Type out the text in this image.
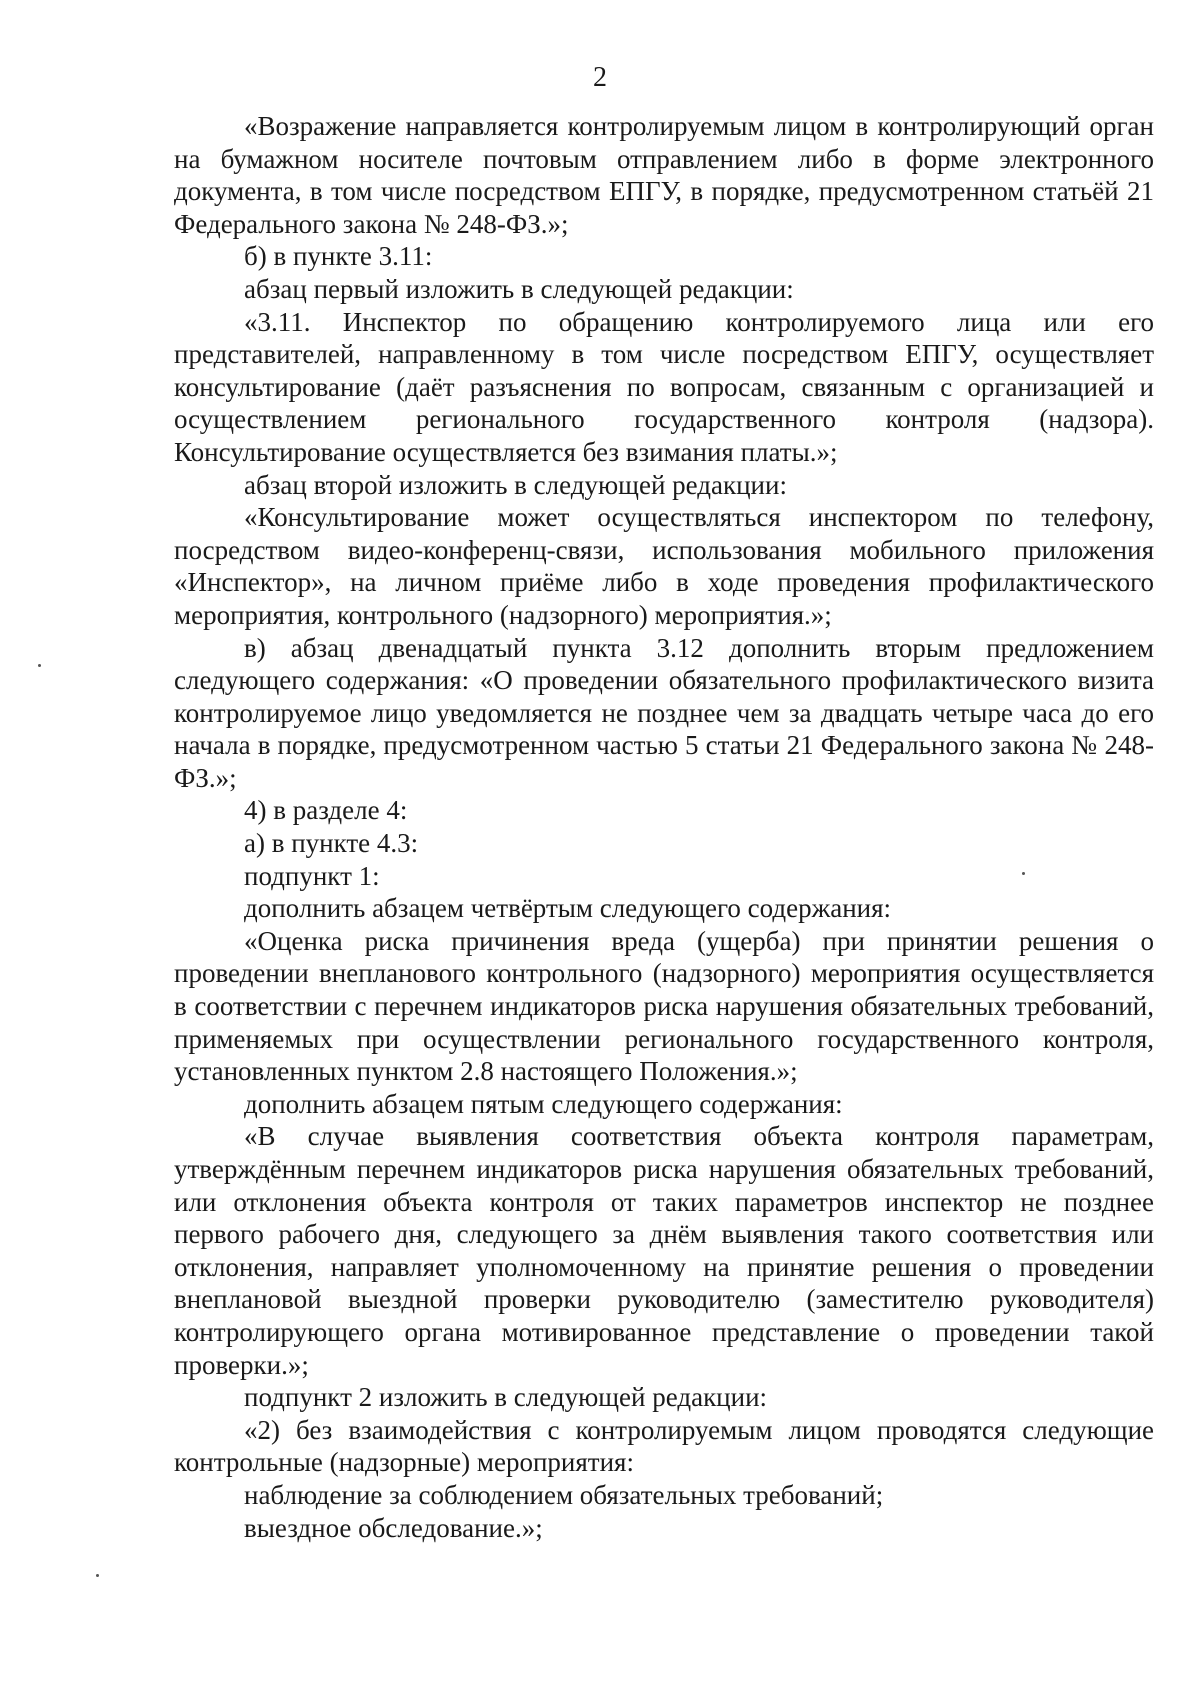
2

«Возражение направляется контролируемым лицом в контролирующий орган на бумажном носителе почтовым отправлением либо в форме электронного документа, в том числе посредством ЕПГУ, в порядке, предусмотренном статьёй 21 Федерального закона № 248-ФЗ.»;

б) в пункте 3.11:

абзац первый изложить в следующей редакции:

«3.11. Инспектор по обращению контролируемого лица или его представителей, направленному в том числе посредством ЕПГУ, осуществляет консультирование (даёт разъяснения по вопросам, связанным с организацией и осуществлением регионального государственного контроля (надзора). Консультирование осуществляется без взимания платы.»;

абзац второй изложить в следующей редакции:

«Консультирование может осуществляться инспектором по телефону, посредством видео-конференц-связи, использования мобильного приложения «Инспектор», на личном приёме либо в ходе проведения профилактического мероприятия, контрольного (надзорного) мероприятия.»;

в) абзац двенадцатый пункта 3.12 дополнить вторым предложением следующего содержания: «О проведении обязательного профилактического визита контролируемое лицо уведомляется не позднее чем за двадцать четыре часа до его начала в порядке, предусмотренном частью 5 статьи 21 Федерального закона № 248-ФЗ.»;

4) в разделе 4:

а) в пункте 4.3:

подпункт 1:

дополнить абзацем четвёртым следующего содержания:

«Оценка риска причинения вреда (ущерба) при принятии решения о проведении внепланового контрольного (надзорного) мероприятия осуществляется в соответствии с перечнем индикаторов риска нарушения обязательных требований, применяемых при осуществлении регионального государственного контроля, установленных пунктом 2.8 настоящего Положения.»;

дополнить абзацем пятым следующего содержания:

«В случае выявления соответствия объекта контроля параметрам, утверждённым перечнем индикаторов риска нарушения обязательных требований, или отклонения объекта контроля от таких параметров инспектор не позднее первого рабочего дня, следующего за днём выявления такого соответствия или отклонения, направляет уполномоченному на принятие решения о проведении внеплановой выездной проверки руководителю (заместителю руководителя) контролирующего органа мотивированное представление о проведении такой проверки.»;

подпункт 2 изложить в следующей редакции:

«2) без взаимодействия с контролируемым лицом проводятся следующие контрольные (надзорные) мероприятия:

наблюдение за соблюдением обязательных требований;

выездное обследование.»;
